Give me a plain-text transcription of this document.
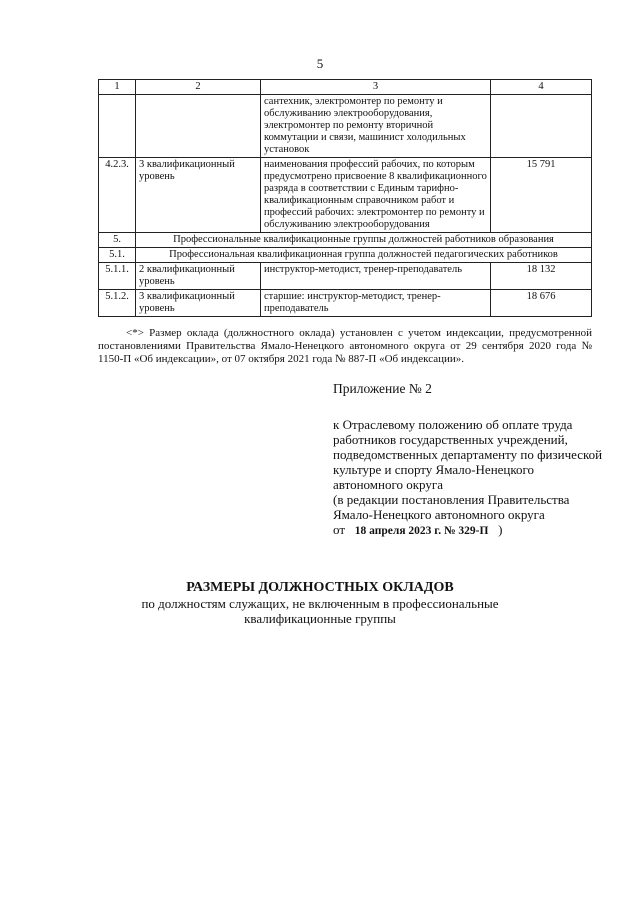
5
1	2	3	4
		сантехник, электромонтер по ремонту и обслуживанию электрооборудования, электромонтер по ремонту вторичной коммутации и связи, машинист холодильных установок	
4.2.3.	3 квалификационный уровень	наименования профессий рабочих, по которым предусмотрено присвоение 8 квалификационного разряда в соответствии с Единым тарифно-квалификационным справочником работ и профессий рабочих: электромонтер по ремонту и обслуживанию электрооборудования	15 791
5.	Профессиональные квалификационные группы должностей работников образования		
5.1.	Профессиональная квалификационная группа должностей педагогических работников		
5.1.1.	2 квалификационный уровень	инструктор-методист, тренер-преподаватель	18 132
5.1.2.	3 квалификационный уровень	старшие: инструктор-методист, тренер-преподаватель	18 676
<*> Размер оклада (должностного оклада) установлен с учетом индексации, предусмотренной постановлениями Правительства Ямало-Ненецкого автономного округа от 29 сентября 2020 года № 1150-П «Об индексации», от 07 октября 2021 года № 887-П «Об индексации».
Приложение № 2
к Отраслевому положению об оплате труда работников государственных учреждений, подведомственных департаменту по физической культуре и спорту Ямало-Ненецкого автономного округа
(в редакции постановления Правительства Ямало-Ненецкого автономного округа
от 18 апреля 2023 г. № 329-П )
РАЗМЕРЫ ДОЛЖНОСТНЫХ ОКЛАДОВ
по должностям служащих, не включенным в профессиональные квалификационные группы
